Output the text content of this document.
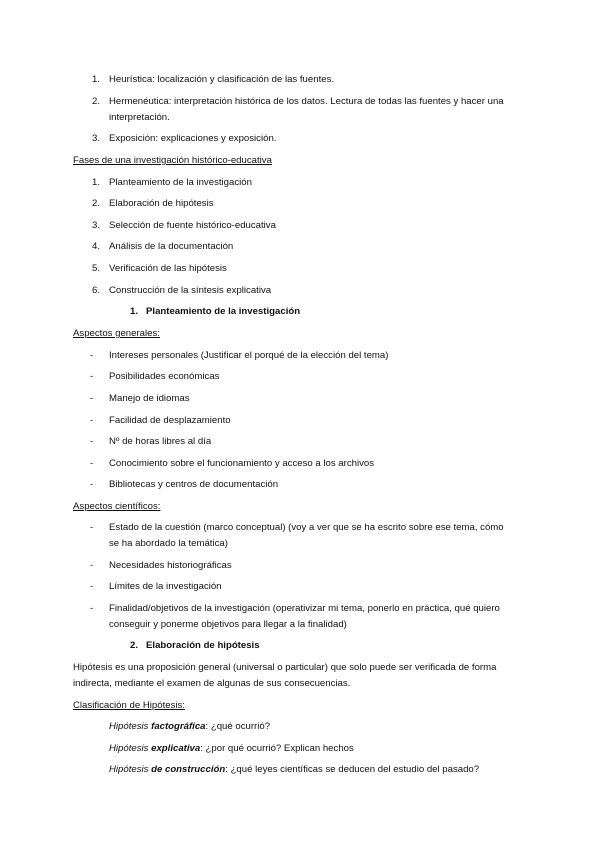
1. Heurística: localización y clasificación de las fuentes.
2. Hermenéutica: interpretación histórica de los datos. Lectura de todas las fuentes y hacer una
interpretación.
3. Exposición: explicaciones y exposición.
Fases de una investigación histórico-educativa
1. Planteamiento de la investigación
2. Elaboración de hipótesis
3. Selección de fuente histórico-educativa
4. Análisis de la documentación
5. Verificación de las hipótesis
6. Construcción de la síntesis explicativa
1. Planteamiento de la investigación
Aspectos generales:
- Intereses personales (Justificar el porqué de la elección del tema)
- Posibilidades económicas
- Manejo de idiomas
- Facilidad de desplazamiento
- Nº de horas libres al día
- Conocimiento sobre el funcionamiento y acceso a los archivos
- Bibliotecas y centros de documentación
Aspectos científicos:
- Estado de la cuestión (marco conceptual) (voy a ver que se ha escrito sobre ese tema, cómo
se ha abordado la temática)
- Necesidades historiográficas
- Límites de la investigación
- Finalidad/objetivos de la investigación (operativizar mi tema, ponerlo en práctica, qué quiero
conseguir y ponerme objetivos para llegar a la finalidad)
2. Elaboración de hipótesis
Hipótesis es una proposición general (universal o particular) que solo puede ser verificada de forma
indirecta, mediante el examen de algunas de sus consecuencias.
Clasificación de Hipótesis:
Hipótesis factográfica: ¿qué ocurrió?
Hipótesis explicativa: ¿por qué ocurrió? Explican hechos
Hipótesis de construcción: ¿qué leyes científicas se deducen del estudio del pasado?
